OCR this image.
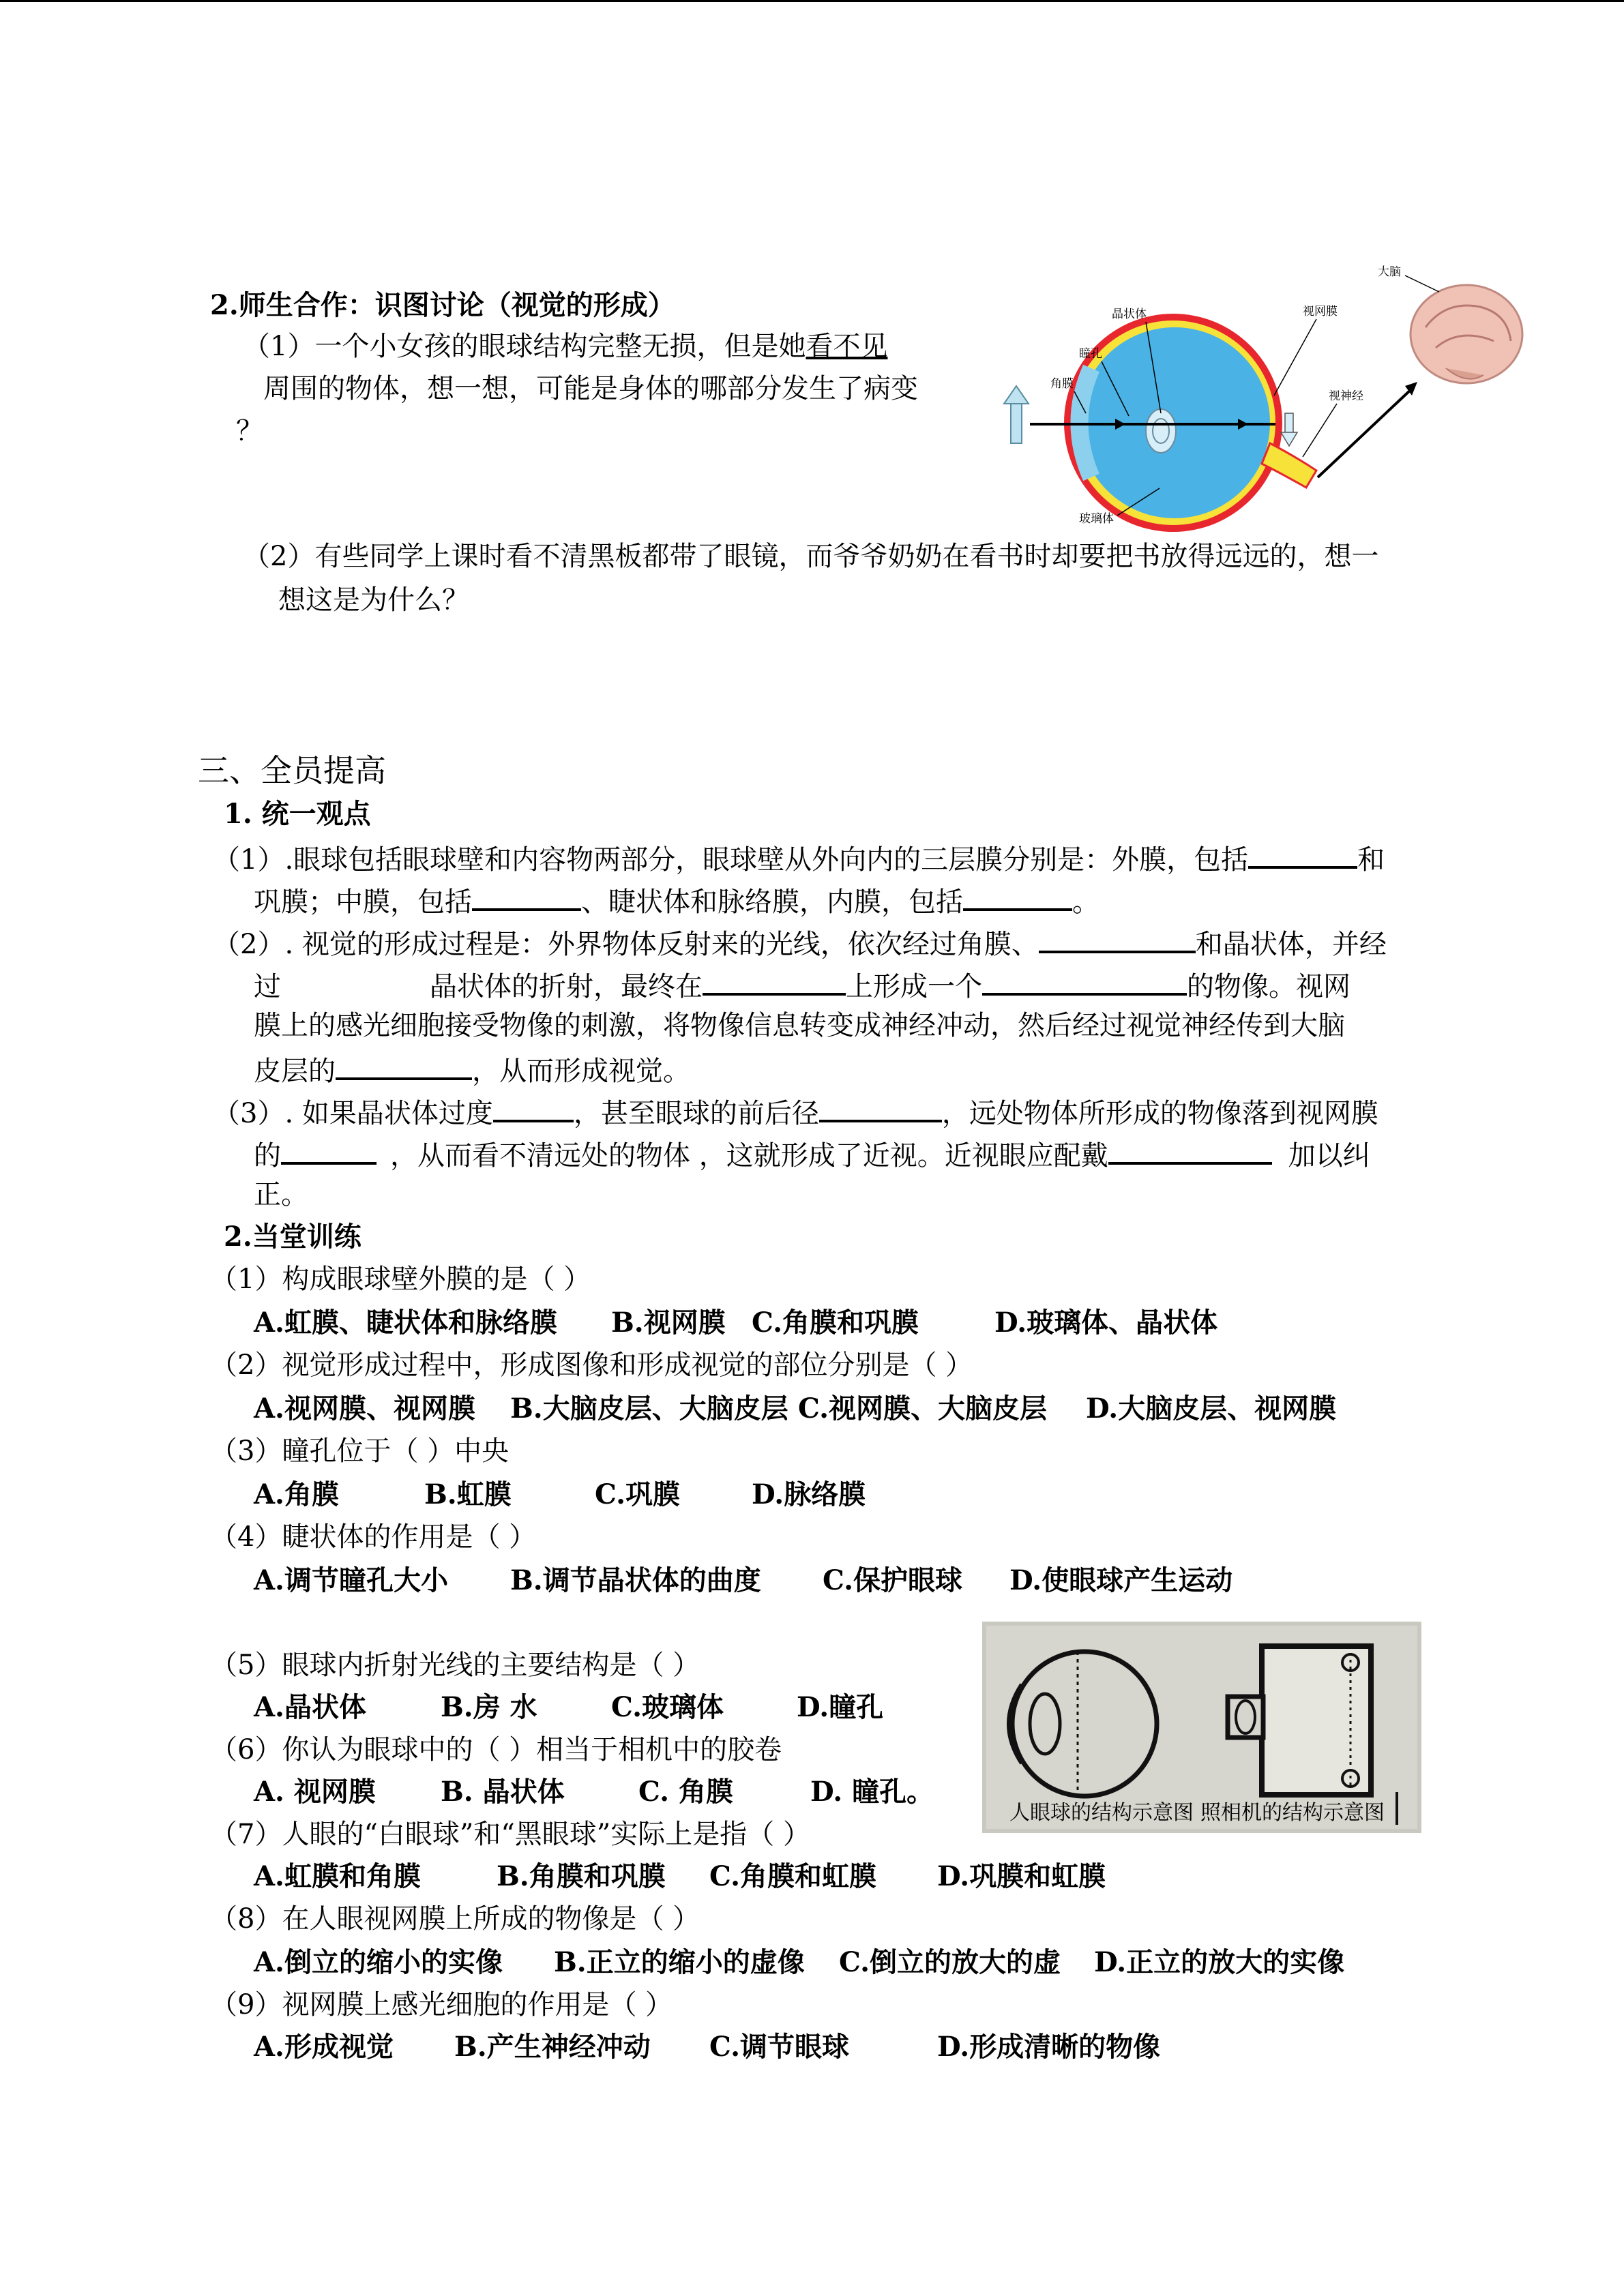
2.师生合作：识图讨论（视觉的形成）
（1）一个小女孩的眼球结构完整无损，但是她看不见
周围的物体，想一想，可能是身体的哪部分发生了病变
？
大脑
晶状体	视网膜
瞳孔
角膜
视神经
玻璃体
（2）有些同学上课时看不清黑板都带了眼镜，而爷爷奶奶在看书时却要把书放得远远的，想一
想这是为什么？
三、全员提高
1. 统一观点
（1）.眼球包括眼球壁和内容物两部分，眼球壁从外向内的三层膜分别是：外膜，包括	和
巩膜；中膜，包括	、睫状体和脉络膜，内膜，包括	。
（2）. 视觉的形成过程是：外界物体反射来的光线，依次经过角膜、	和晶状体，并经
过	晶状体的折射，最终在	上形成一个	的物像。视网
膜上的感光细胞接受物像的刺激，将物像信息转变成神经冲动，然后经过视觉神经传到大脑
皮层的	，从而形成视觉。
（3）. 如果晶状体过度	，甚至眼球的前后径	，远处物体所形成的物像落到视网膜
的	，从而看不清远处的物体 ，这就形成了近视。近视眼应配戴	加以纠
正。
2.当堂训练
（1）构成眼球壁外膜的是（ ）
A.虹膜、睫状体和脉络膜 B.视网膜 C.角膜和巩膜	D.玻璃体、晶状体
（2）视觉形成过程中，形成图像和形成视觉的部位分别是（ ）
A.视网膜、视网膜 B.大脑皮层、大脑皮层 C.视网膜、大脑皮层 D.大脑皮层、视网膜
（3）瞳孔位于（ ）中央
A.角膜	B.虹膜	C.巩膜	D.脉络膜
（4）睫状体的作用是（ ）
A.调节瞳孔大小 B.调节晶状体的曲度 C.保护眼球 D.使眼球产生运动
人眼球的结构示意图 照相机的结构示意图
（5）眼球内折射光线的主要结构是（ ）
A.晶状体	B.房 水	C.玻璃体	D.瞳孔
（6）你认为眼球中的（ ）相当于相机中的胶卷
A. 视网膜 B. 晶状体	C. 角膜	D. 瞳孔。
（7）人眼的“白眼球”和“黑眼球”实际上是指（ ）
A.虹膜和角膜	B.角膜和巩膜 C.角膜和虹膜 D.巩膜和虹膜
（8）在人眼视网膜上所成的物像是（ ）
A.倒立的缩小的实像 B.正立的缩小的虚像 C.倒立的放大的虚 D.正立的放大的实像
（9）视网膜上感光细胞的作用是（ ）
A.形成视觉 B.产生神经冲动 C.调节眼球	D.形成清晰的物像
